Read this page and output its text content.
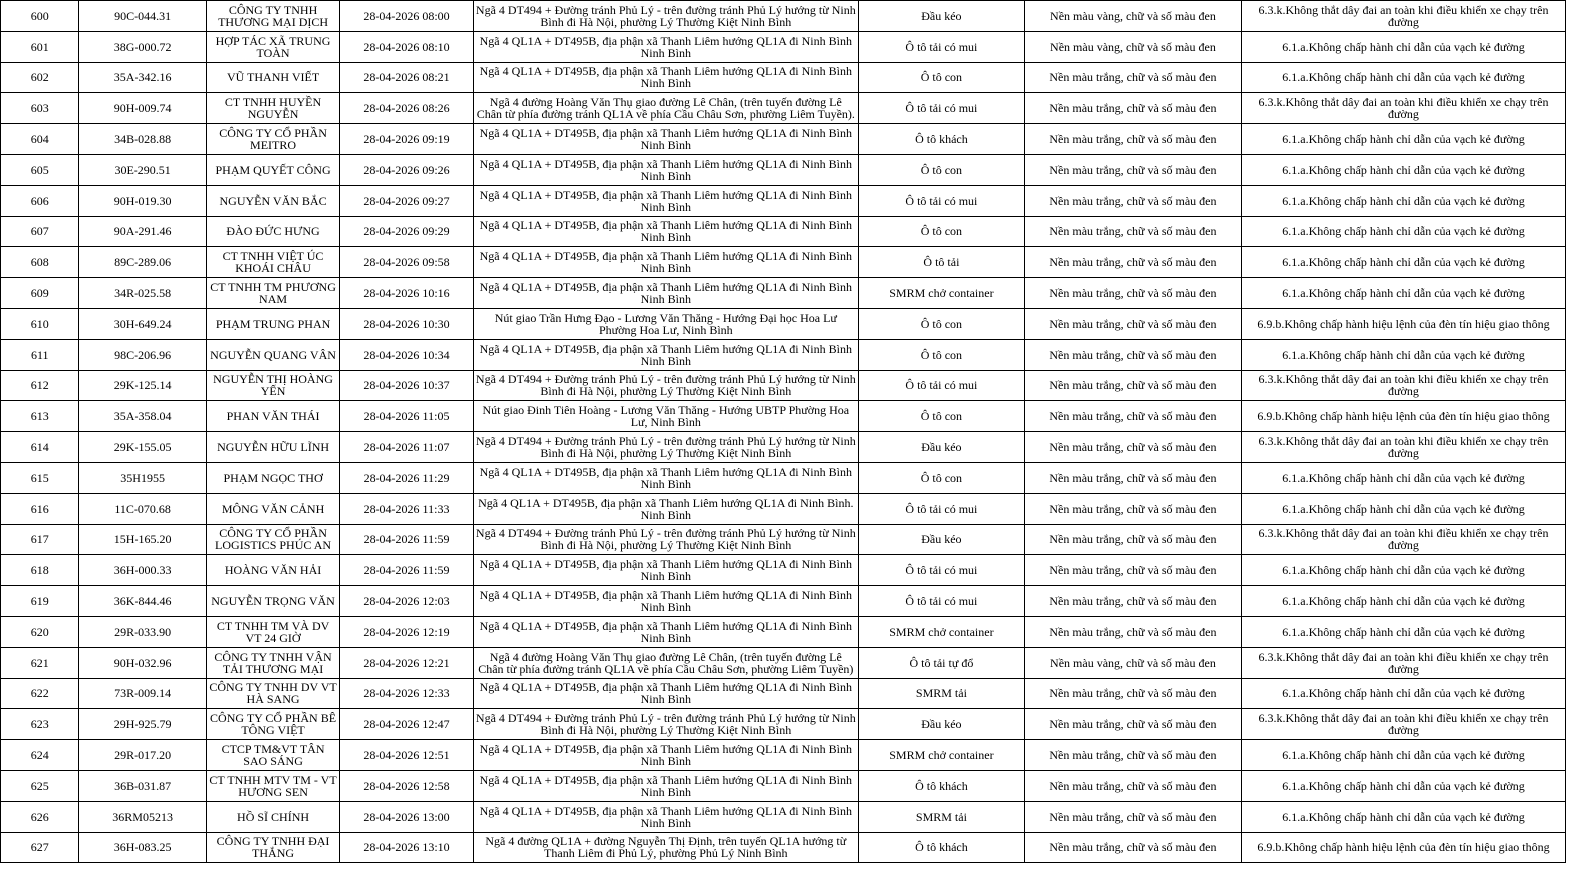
600	90C-044.31	CÔNG TY TNHH THƯƠNG MẠI DỊCH	28-04-2026 08:00	Ngã 4 DT494 + Đường tránh Phủ Lý - trên đường tránh Phủ Lý hướng từ Ninh Bình đi Hà Nội, phường Lý Thường Kiệt Ninh Bình	Đầu kéo	Nền màu vàng, chữ và số màu đen	6.3.k.Không thắt dây đai an toàn khi điều khiển xe chạy trên đường
601	38G-000.72	HỢP TÁC XÃ TRUNG TOÀN	28-04-2026 08:10	Ngã 4 QL1A + DT495B, địa phận xã Thanh Liêm hướng QL1A đi Ninh Bình Ninh Bình	Ô tô tải có mui	Nền màu vàng, chữ và số màu đen	6.1.a.Không chấp hành chỉ dẫn của vạch kẻ đường
602	35A-342.16	VŨ THANH VIẾT	28-04-2026 08:21	Ngã 4 QL1A + DT495B, địa phận xã Thanh Liêm hướng QL1A đi Ninh Bình Ninh Bình	Ô tô con	Nền màu trắng, chữ và số màu đen	6.1.a.Không chấp hành chỉ dẫn của vạch kẻ đường
603	90H-009.74	CT TNHH HUYỀN NGUYỄN	28-04-2026 08:26	Ngã 4 đường Hoàng Văn Thụ giao đường Lê Chân, (trên tuyến đường Lê Chân từ phía đường tránh QL1A về phía Cầu Châu Sơn, phường Liêm Tuyền).	Ô tô tải có mui	Nền màu trắng, chữ và số màu đen	6.3.k.Không thắt dây đai an toàn khi điều khiển xe chạy trên đường
604	34B-028.88	CÔNG TY CỔ PHẦN MEITRO	28-04-2026 09:19	Ngã 4 QL1A + DT495B, địa phận xã Thanh Liêm hướng QL1A đi Ninh Bình Ninh Bình	Ô tô khách	Nền màu trắng, chữ và số màu đen	6.1.a.Không chấp hành chỉ dẫn của vạch kẻ đường
605	30E-290.51	PHẠM QUYẾT CÔNG	28-04-2026 09:26	Ngã 4 QL1A + DT495B, địa phận xã Thanh Liêm hướng QL1A đi Ninh Bình Ninh Bình	Ô tô con	Nền màu trắng, chữ và số màu đen	6.1.a.Không chấp hành chỉ dẫn của vạch kẻ đường
606	90H-019.30	NGUYỄN VĂN BẮC	28-04-2026 09:27	Ngã 4 QL1A + DT495B, địa phận xã Thanh Liêm hướng QL1A đi Ninh Bình Ninh Bình	Ô tô tải có mui	Nền màu trắng, chữ và số màu đen	6.1.a.Không chấp hành chỉ dẫn của vạch kẻ đường
607	90A-291.46	ĐÀO ĐỨC HƯNG	28-04-2026 09:29	Ngã 4 QL1A + DT495B, địa phận xã Thanh Liêm hướng QL1A đi Ninh Bình Ninh Bình	Ô tô con	Nền màu trắng, chữ và số màu đen	6.1.a.Không chấp hành chỉ dẫn của vạch kẻ đường
608	89C-289.06	CT TNHH VIỆT ÚC KHOÁI CHÂU	28-04-2026 09:58	Ngã 4 QL1A + DT495B, địa phận xã Thanh Liêm hướng QL1A đi Ninh Bình Ninh Bình	Ô tô tải	Nền màu trắng, chữ và số màu đen	6.1.a.Không chấp hành chỉ dẫn của vạch kẻ đường
609	34R-025.58	CT TNHH TM PHƯƠNG NAM	28-04-2026 10:16	Ngã 4 QL1A + DT495B, địa phận xã Thanh Liêm hướng QL1A đi Ninh Bình Ninh Bình	SMRM chở container	Nền màu trắng, chữ và số màu đen	6.1.a.Không chấp hành chỉ dẫn của vạch kẻ đường
610	30H-649.24	PHẠM TRUNG PHAN	28-04-2026 10:30	Nút giao Trần Hưng Đạo - Lương Văn Thăng - Hướng Đại học Hoa Lư Phường Hoa Lư, Ninh Bình	Ô tô con	Nền màu trắng, chữ và số màu đen	6.9.b.Không chấp hành hiệu lệnh của đèn tín hiệu giao thông
611	98C-206.96	NGUYỄN QUANG VÂN	28-04-2026 10:34	Ngã 4 QL1A + DT495B, địa phận xã Thanh Liêm hướng QL1A đi Ninh Bình Ninh Bình	Ô tô con	Nền màu trắng, chữ và số màu đen	6.1.a.Không chấp hành chỉ dẫn của vạch kẻ đường
612	29K-125.14	NGUYỄN THỊ HOÀNG YẾN	28-04-2026 10:37	Ngã 4 DT494 + Đường tránh Phủ Lý - trên đường tránh Phủ Lý hướng từ Ninh Bình đi Hà Nội, phường Lý Thường Kiệt Ninh Bình	Ô tô tải có mui	Nền màu trắng, chữ và số màu đen	6.3.k.Không thắt dây đai an toàn khi điều khiển xe chạy trên đường
613	35A-358.04	PHAN VĂN THÁI	28-04-2026 11:05	Nút giao Đinh Tiên Hoàng - Lương Văn Thăng - Hướng UBTP Phường Hoa Lư, Ninh Bình	Ô tô con	Nền màu trắng, chữ và số màu đen	6.9.b.Không chấp hành hiệu lệnh của đèn tín hiệu giao thông
614	29K-155.05	NGUYỄN HỮU LĨNH	28-04-2026 11:07	Ngã 4 DT494 + Đường tránh Phủ Lý - trên đường tránh Phủ Lý hướng từ Ninh Bình đi Hà Nội, phường Lý Thường Kiệt Ninh Bình	Đầu kéo	Nền màu trắng, chữ và số màu đen	6.3.k.Không thắt dây đai an toàn khi điều khiển xe chạy trên đường
615	35H1955	PHẠM NGỌC THƠ	28-04-2026 11:29	Ngã 4 QL1A + DT495B, địa phận xã Thanh Liêm hướng QL1A đi Ninh Bình Ninh Bình	Ô tô con	Nền màu trắng, chữ và số màu đen	6.1.a.Không chấp hành chỉ dẫn của vạch kẻ đường
616	11C-070.68	MÔNG VĂN CẢNH	28-04-2026 11:33	Ngã 4 QL1A + DT495B, địa phận xã Thanh Liêm hướng QL1A đi Ninh Bình. Ninh Bình	Ô tô tải có mui	Nền màu trắng, chữ và số màu đen	6.1.a.Không chấp hành chỉ dẫn của vạch kẻ đường
617	15H-165.20	CÔNG TY CỔ PHẦN LOGISTICS PHÚC AN	28-04-2026 11:59	Ngã 4 DT494 + Đường tránh Phủ Lý - trên đường tránh Phủ Lý hướng từ Ninh Bình đi Hà Nội, phường Lý Thường Kiệt Ninh Bình	Đầu kéo	Nền màu trắng, chữ và số màu đen	6.3.k.Không thắt dây đai an toàn khi điều khiển xe chạy trên đường
618	36H-000.33	HOÀNG VĂN HẢI	28-04-2026 11:59	Ngã 4 QL1A + DT495B, địa phận xã Thanh Liêm hướng QL1A đi Ninh Bình Ninh Bình	Ô tô tải có mui	Nền màu trắng, chữ và số màu đen	6.1.a.Không chấp hành chỉ dẫn của vạch kẻ đường
619	36K-844.46	NGUYỄN TRỌNG VĂN	28-04-2026 12:03	Ngã 4 QL1A + DT495B, địa phận xã Thanh Liêm hướng QL1A đi Ninh Bình Ninh Bình	Ô tô tải có mui	Nền màu trắng, chữ và số màu đen	6.1.a.Không chấp hành chỉ dẫn của vạch kẻ đường
620	29R-033.90	CT TNHH TM VÀ DV VT 24 GIỜ	28-04-2026 12:19	Ngã 4 QL1A + DT495B, địa phận xã Thanh Liêm hướng QL1A đi Ninh Bình Ninh Bình	SMRM chở container	Nền màu trắng, chữ và số màu đen	6.1.a.Không chấp hành chỉ dẫn của vạch kẻ đường
621	90H-032.96	CÔNG TY TNHH VẬN TẢI THƯƠNG MẠI	28-04-2026 12:21	Ngã 4 đường Hoàng Văn Thụ giao đường Lê Chân, (trên tuyến đường Lê Chân từ phía đường tránh QL1A về phía Cầu Châu Sơn, phường Liêm Tuyền)	Ô tô tải tự đổ	Nền màu vàng, chữ và số màu đen	6.3.k.Không thắt dây đai an toàn khi điều khiển xe chạy trên đường
622	73R-009.14	CÔNG TY TNHH DV VT HÀ SANG	28-04-2026 12:33	Ngã 4 QL1A + DT495B, địa phận xã Thanh Liêm hướng QL1A đi Ninh Bình Ninh Bình	SMRM tải	Nền màu trắng, chữ và số màu đen	6.1.a.Không chấp hành chỉ dẫn của vạch kẻ đường
623	29H-925.79	CÔNG TY CỔ PHẦN BÊ TÔNG VIỆT	28-04-2026 12:47	Ngã 4 DT494 + Đường tránh Phủ Lý - trên đường tránh Phủ Lý hướng từ Ninh Bình đi Hà Nội, phường Lý Thường Kiệt Ninh Bình	Đầu kéo	Nền màu trắng, chữ và số màu đen	6.3.k.Không thắt dây đai an toàn khi điều khiển xe chạy trên đường
624	29R-017.20	CTCP TM&VT TÂN SAO SÁNG	28-04-2026 12:51	Ngã 4 QL1A + DT495B, địa phận xã Thanh Liêm hướng QL1A đi Ninh Bình Ninh Bình	SMRM chở container	Nền màu trắng, chữ và số màu đen	6.1.a.Không chấp hành chỉ dẫn của vạch kẻ đường
625	36B-031.87	CT TNHH MTV TM - VT HƯƠNG SEN	28-04-2026 12:58	Ngã 4 QL1A + DT495B, địa phận xã Thanh Liêm hướng QL1A đi Ninh Bình Ninh Bình	Ô tô khách	Nền màu trắng, chữ và số màu đen	6.1.a.Không chấp hành chỉ dẫn của vạch kẻ đường
626	36RM05213	HỒ SĨ CHÍNH	28-04-2026 13:00	Ngã 4 QL1A + DT495B, địa phận xã Thanh Liêm hướng QL1A đi Ninh Bình Ninh Bình	SMRM tải	Nền màu trắng, chữ và số màu đen	6.1.a.Không chấp hành chỉ dẫn của vạch kẻ đường
627	36H-083.25	CÔNG TY TNHH ĐẠI THẮNG	28-04-2026 13:10	Ngã 4 đường QL1A + đường Nguyễn Thị Định, trên tuyến QL1A hướng từ Thanh Liêm đi Phủ Lý, phường Phủ Lý Ninh Bình	Ô tô khách	Nền màu trắng, chữ và số màu đen	6.9.b.Không chấp hành hiệu lệnh của đèn tín hiệu giao thông
